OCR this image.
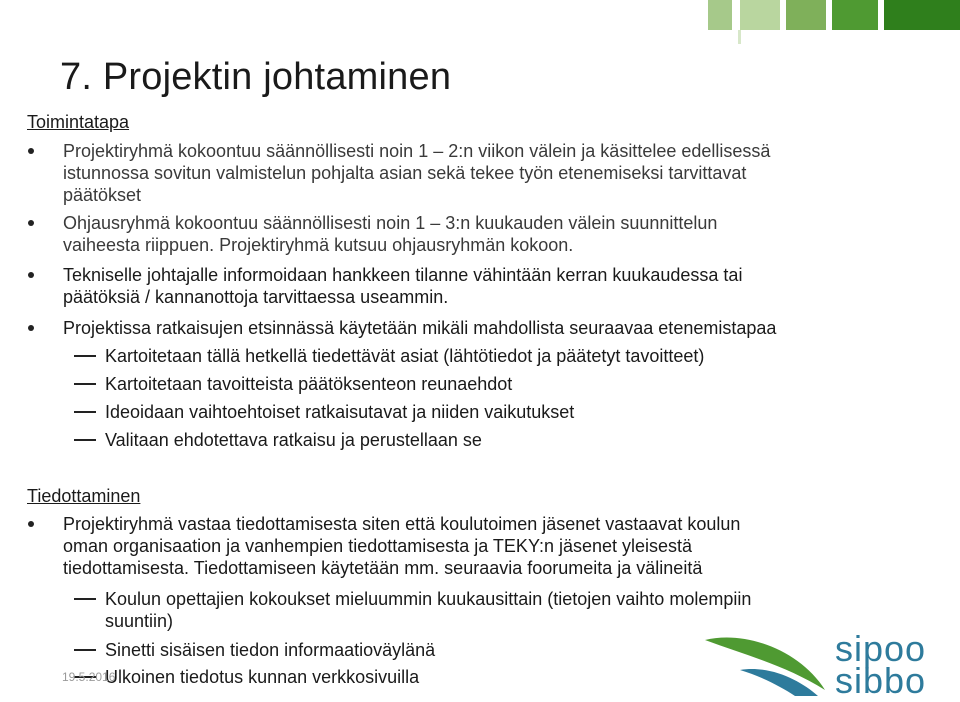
7. Projektin johtaminen
Toimintatapa
Projektiryhmä kokoontuu säännöllisesti noin 1 – 2:n viikon välein ja käsittelee edellisessä
istunnossa sovitun valmistelun pohjalta asian sekä tekee työn etenemiseksi tarvittavat
päätökset
Ohjausryhmä kokoontuu säännöllisesti noin 1 – 3:n kuukauden välein suunnittelun
vaiheesta riippuen. Projektiryhmä kutsuu ohjausryhmän kokoon.
Tekniselle johtajalle informoidaan hankkeen tilanne vähintään kerran kuukaudessa tai
päätöksiä / kannanottoja tarvittaessa useammin.
Projektissa ratkaisujen etsinnässä käytetään mikäli mahdollista seuraavaa etenemistapaa
Kartoitetaan tällä hetkellä tiedettävät asiat (lähtötiedot ja päätetyt tavoitteet)
Kartoitetaan tavoitteista päätöksenteon reunaehdot
Ideoidaan vaihtoehtoiset ratkaisutavat ja niiden vaikutukset
Valitaan ehdotettava ratkaisu ja perustellaan se
Tiedottaminen
Projektiryhmä vastaa tiedottamisesta siten että koulutoimen jäsenet vastaavat koulun
oman organisaation ja vanhempien tiedottamisesta ja TEKY:n jäsenet yleisestä
tiedottamisesta. Tiedottamiseen käytetään mm. seuraavia foorumeita ja välineitä
Koulun opettajien kokoukset mieluummin kuukausittain (tietojen vaihto molempiin
suuntiin)
Sinetti sisäisen tiedon informaatioväylänä
Ulkoinen tiedotus kunnan verkkosivuilla
19.5.2016
sipoo
sibbo
